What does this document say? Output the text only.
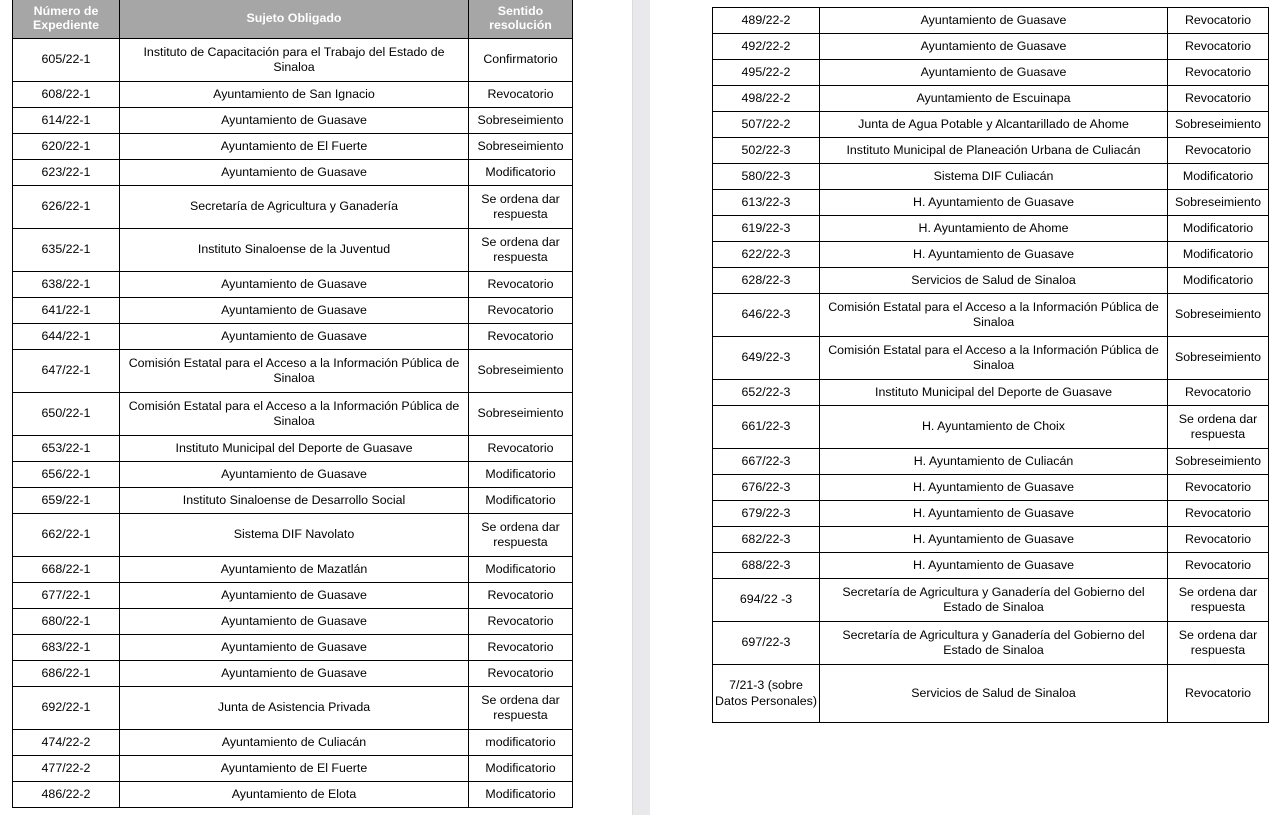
Número de Expediente	Sujeto Obligado	Sentido resolución
605/22-1	Instituto de Capacitación para el Trabajo del Estado de Sinaloa	Confirmatorio
608/22-1	Ayuntamiento de San Ignacio	Revocatorio
614/22-1	Ayuntamiento de Guasave	Sobreseimiento
620/22-1	Ayuntamiento de El Fuerte	Sobreseimiento
623/22-1	Ayuntamiento de Guasave	Modificatorio
626/22-1	Secretaría de Agricultura y Ganadería	Se ordena dar respuesta
635/22-1	Instituto Sinaloense de la Juventud	Se ordena dar respuesta
638/22-1	Ayuntamiento de Guasave	Revocatorio
641/22-1	Ayuntamiento de Guasave	Revocatorio
644/22-1	Ayuntamiento de Guasave	Revocatorio
647/22-1	Comisión Estatal para el Acceso a la Información Pública de Sinaloa	Sobreseimiento
650/22-1	Comisión Estatal para el Acceso a la Información Pública de Sinaloa	Sobreseimiento
653/22-1	Instituto Municipal del Deporte de Guasave	Revocatorio
656/22-1	Ayuntamiento de Guasave	Modificatorio
659/22-1	Instituto Sinaloense de Desarrollo Social	Modificatorio
662/22-1	Sistema DIF Navolato	Se ordena dar respuesta
668/22-1	Ayuntamiento de Mazatlán	Modificatorio
677/22-1	Ayuntamiento de Guasave	Revocatorio
680/22-1	Ayuntamiento de Guasave	Revocatorio
683/22-1	Ayuntamiento de Guasave	Revocatorio
686/22-1	Ayuntamiento de Guasave	Revocatorio
692/22-1	Junta de Asistencia Privada	Se ordena dar respuesta
474/22-2	Ayuntamiento de Culiacán	modificatorio
477/22-2	Ayuntamiento de El Fuerte	Modificatorio
486/22-2	Ayuntamiento de Elota	Modificatorio
489/22-2	Ayuntamiento de Guasave	Revocatorio
492/22-2	Ayuntamiento de Guasave	Revocatorio
495/22-2	Ayuntamiento de Guasave	Revocatorio
498/22-2	Ayuntamiento de Escuinapa	Revocatorio
507/22-2	Junta de Agua Potable y Alcantarillado de Ahome	Sobreseimiento
502/22-3	Instituto Municipal de Planeación Urbana de Culiacán	Revocatorio
580/22-3	Sistema DIF Culiacán	Modificatorio
613/22-3	H. Ayuntamiento de Guasave	Sobreseimiento
619/22-3	H. Ayuntamiento de Ahome	Modificatorio
622/22-3	H. Ayuntamiento de Guasave	Modificatorio
628/22-3	Servicios de Salud de Sinaloa	Modificatorio
646/22-3	Comisión Estatal para el Acceso a la Información Pública de Sinaloa	Sobreseimiento
649/22-3	Comisión Estatal para el Acceso a la Información Pública de Sinaloa	Sobreseimiento
652/22-3	Instituto Municipal del Deporte de Guasave	Revocatorio
661/22-3	H. Ayuntamiento de Choix	Se ordena dar respuesta
667/22-3	H. Ayuntamiento de Culiacán	Sobreseimiento
676/22-3	H. Ayuntamiento de Guasave	Revocatorio
679/22-3	H. Ayuntamiento de Guasave	Revocatorio
682/22-3	H. Ayuntamiento de Guasave	Revocatorio
688/22-3	H. Ayuntamiento de Guasave	Revocatorio
694/22 -3	Secretaría de Agricultura y Ganadería del Gobierno del Estado de Sinaloa	Se ordena dar respuesta
697/22-3	Secretaría de Agricultura y Ganadería del Gobierno del Estado de Sinaloa	Se ordena dar respuesta
7/21-3 (sobre Datos Personales)	Servicios de Salud de Sinaloa	Revocatorio
